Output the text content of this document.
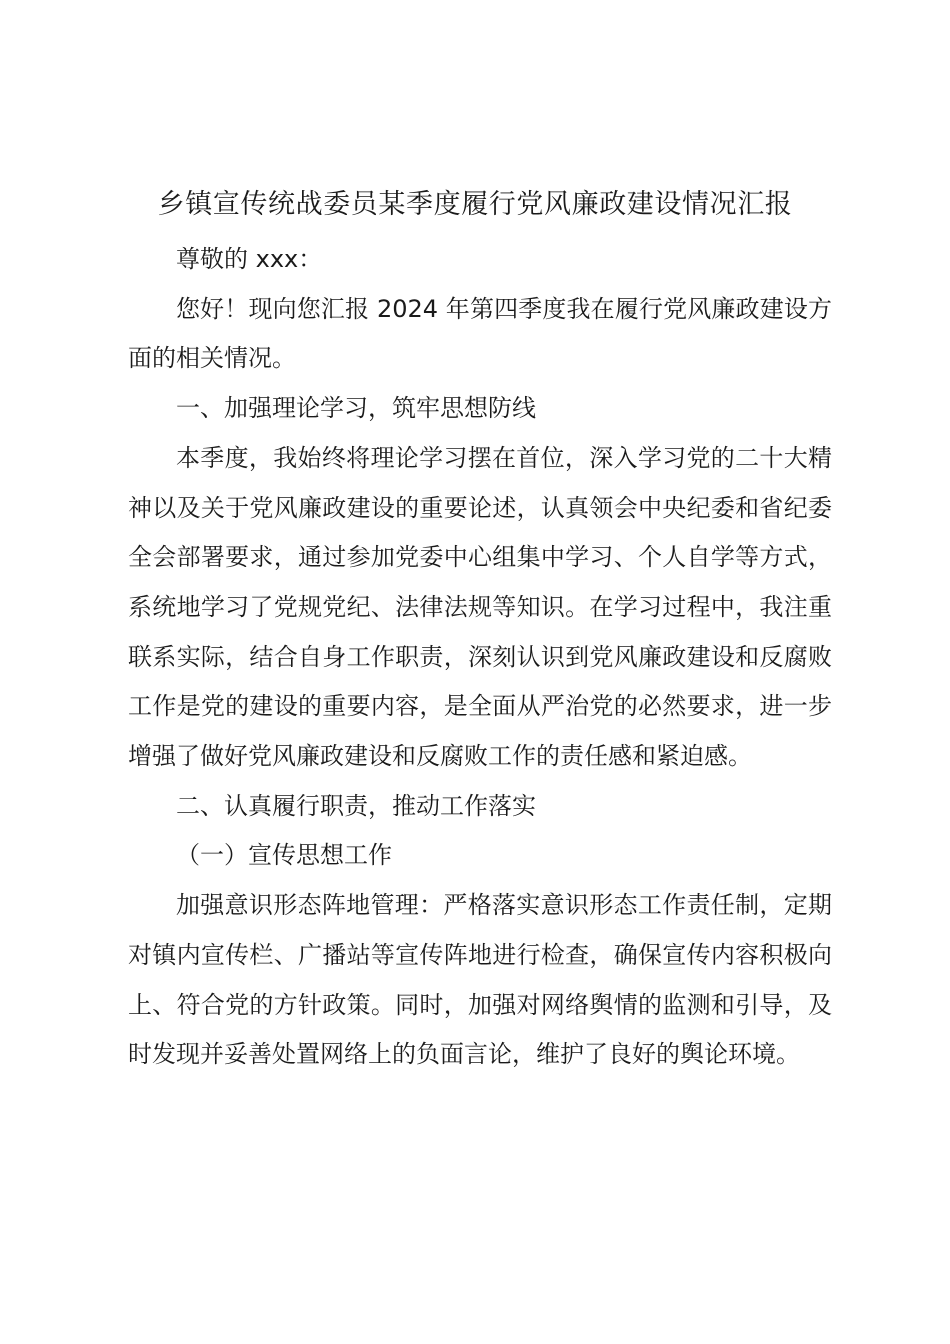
乡镇宣传统战委员某季度履行党风廉政建设情况汇报

尊敬的 xxx：

您好！现向您汇报 2024 年第四季度我在履行党风廉政建设方面的相关情况。

一、加强理论学习，筑牢思想防线

本季度，我始终将理论学习摆在首位，深入学习党的二十大精神以及关于党风廉政建设的重要论述，认真领会中央纪委和省纪委全会部署要求，通过参加党委中心组集中学习、个人自学等方式，系统地学习了党规党纪、法律法规等知识。在学习过程中，我注重联系实际，结合自身工作职责，深刻认识到党风廉政建设和反腐败工作是党的建设的重要内容，是全面从严治党的必然要求，进一步增强了做好党风廉政建设和反腐败工作的责任感和紧迫感。

二、认真履行职责，推动工作落实

（一）宣传思想工作

加强意识形态阵地管理：严格落实意识形态工作责任制，定期对镇内宣传栏、广播站等宣传阵地进行检查，确保宣传内容积极向上、符合党的方针政策。同时，加强对网络舆情的监测和引导，及时发现并妥善处置网络上的负面言论，维护了良好的舆论环境。
